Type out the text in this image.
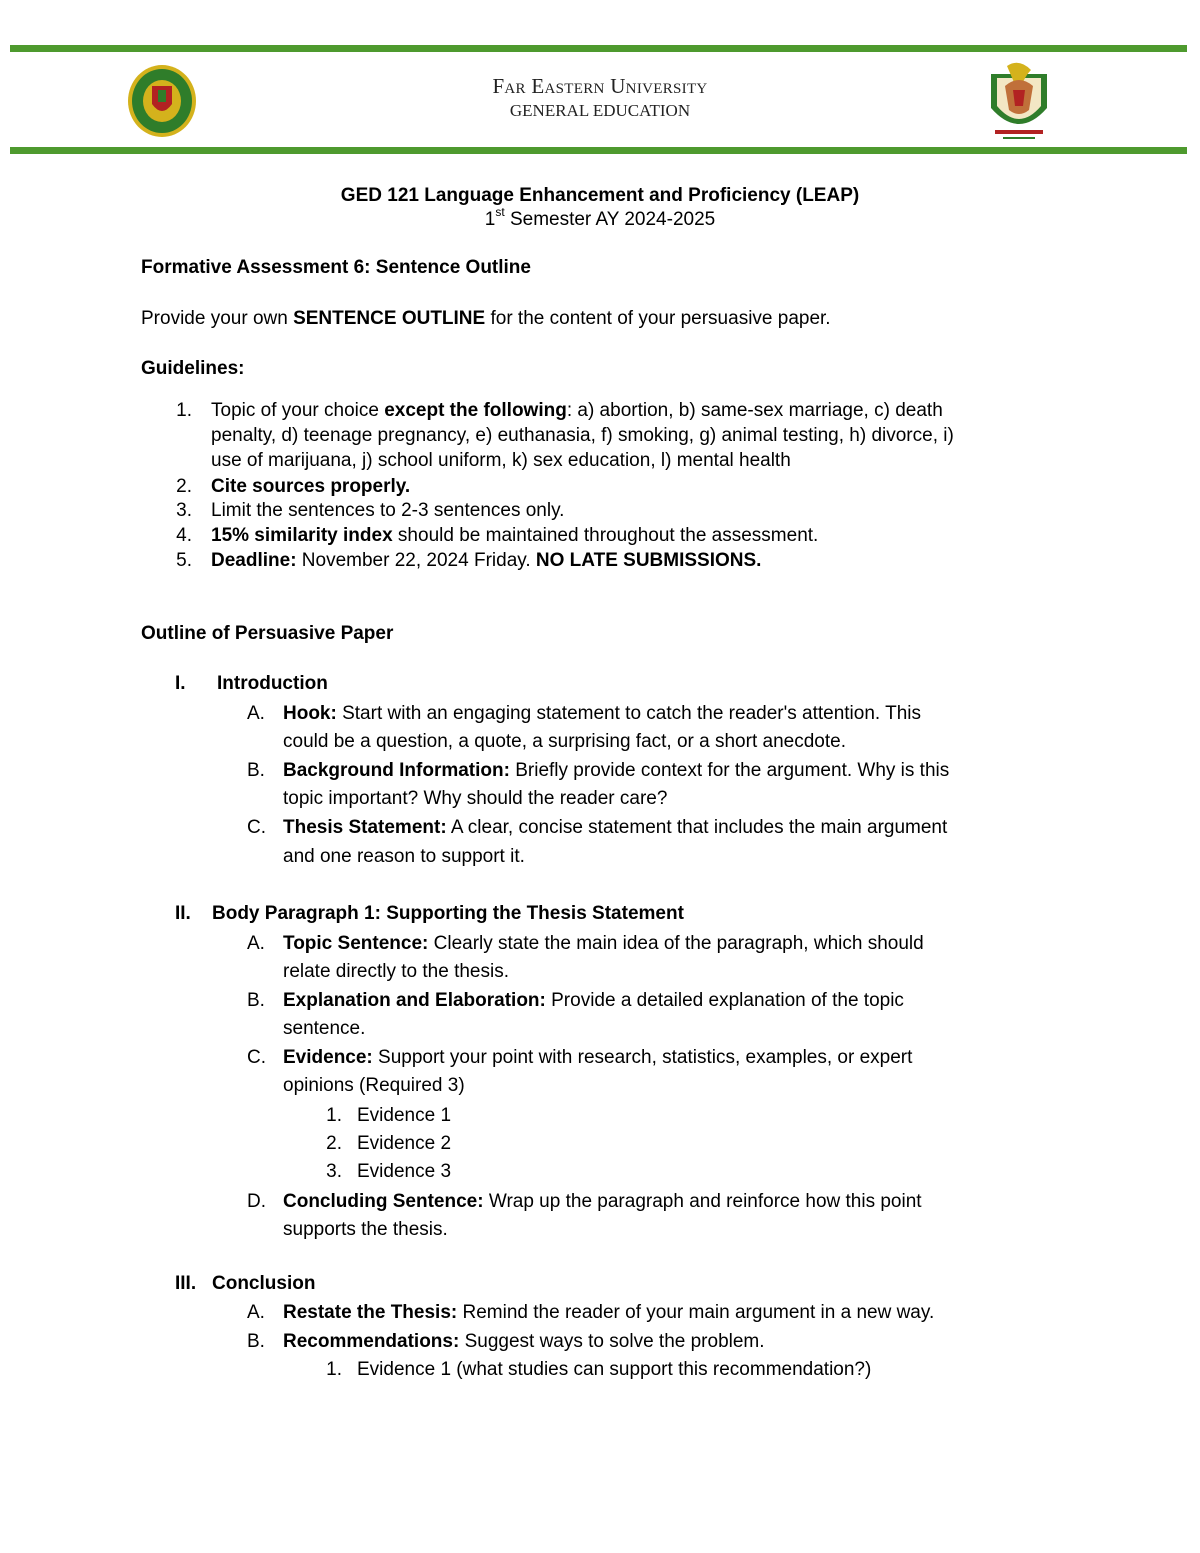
Far Eastern University
GENERAL EDUCATION
GED 121 Language Enhancement and Proficiency (LEAP)
1st Semester AY 2024-2025
Formative Assessment 6: Sentence Outline
Provide your own SENTENCE OUTLINE for the content of your persuasive paper.
Guidelines:
1. Topic of your choice except the following: a) abortion, b) same-sex marriage, c) death
penalty, d) teenage pregnancy, e) euthanasia, f) smoking, g) animal testing, h) divorce, i)
use of marijuana, j) school uniform, k) sex education, l) mental health
2. Cite sources properly.
3. Limit the sentences to 2-3 sentences only.
4. 15% similarity index should be maintained throughout the assessment.
5. Deadline: November 22, 2024 Friday. NO LATE SUBMISSIONS.
Outline of Persuasive Paper
I. Introduction
A. Hook: Start with an engaging statement to catch the reader's attention. This
could be a question, a quote, a surprising fact, or a short anecdote.
B. Background Information: Briefly provide context for the argument. Why is this
topic important? Why should the reader care?
C. Thesis Statement: A clear, concise statement that includes the main argument
and one reason to support it.
II. Body Paragraph 1: Supporting the Thesis Statement
A. Topic Sentence: Clearly state the main idea of the paragraph, which should
relate directly to the thesis.
B. Explanation and Elaboration: Provide a detailed explanation of the topic
sentence.
C. Evidence: Support your point with research, statistics, examples, or expert
opinions (Required 3)
1. Evidence 1
2. Evidence 2
3. Evidence 3
D. Concluding Sentence: Wrap up the paragraph and reinforce how this point
supports the thesis.
III. Conclusion
A. Restate the Thesis: Remind the reader of your main argument in a new way.
B. Recommendations: Suggest ways to solve the problem.
1. Evidence 1 (what studies can support this recommendation?)
